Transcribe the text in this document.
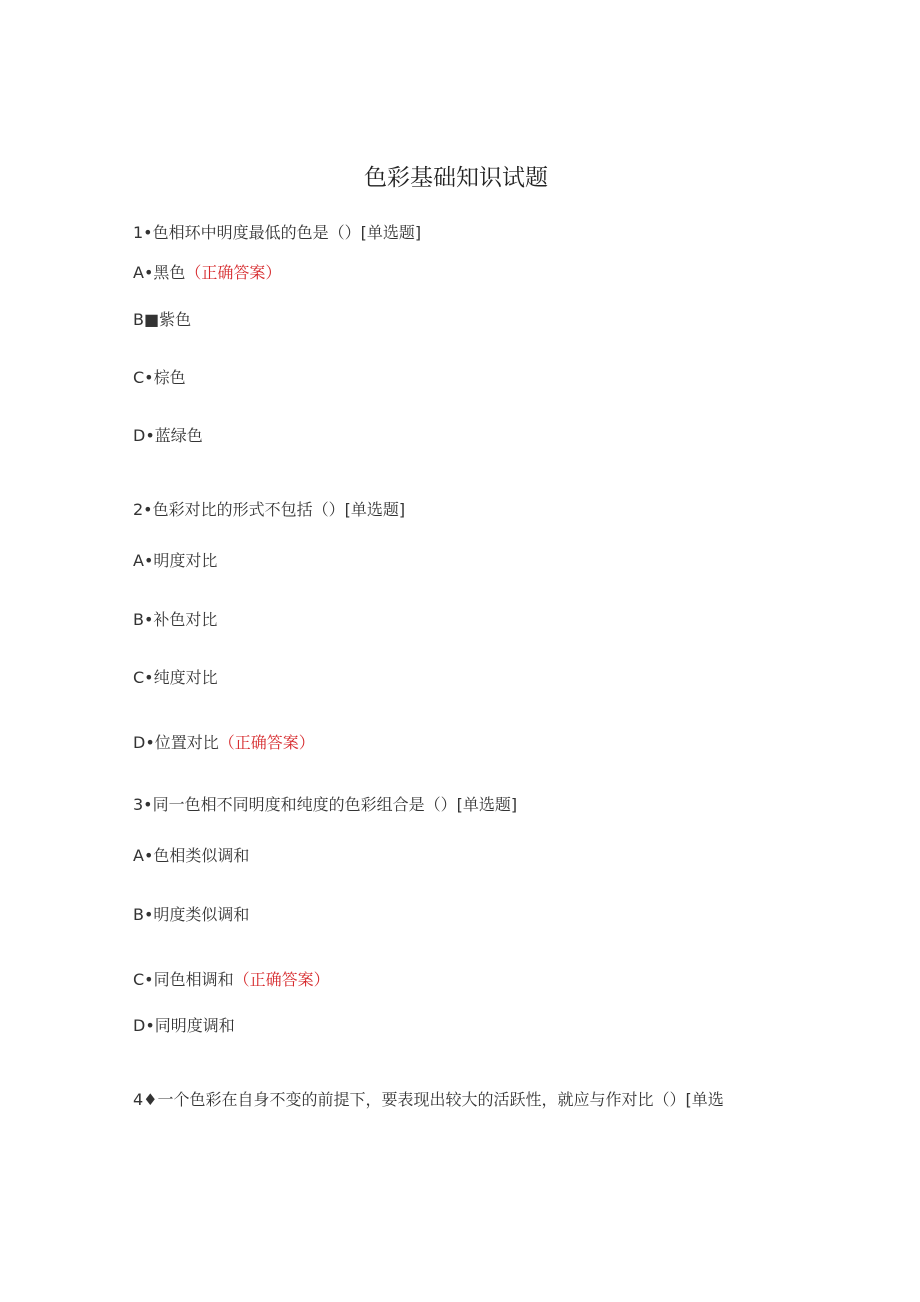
色彩基础知识试题
1•色相环中明度最低的色是（）[单选题]
A•黑色（正确答案）
B■紫色
C•棕色
D•蓝绿色
2•色彩对比的形式不包括（）[单选题]
A•明度对比
B•补色对比
C•纯度对比
D•位置对比（正确答案）
3•同一色相不同明度和纯度的色彩组合是（）[单选题]
A•色相类似调和
B•明度类似调和
C•同色相调和（正确答案）
D•同明度调和
4♦一个色彩在自身不变的前提下，要表现出较大的活跃性，就应与作对比（）[单选
